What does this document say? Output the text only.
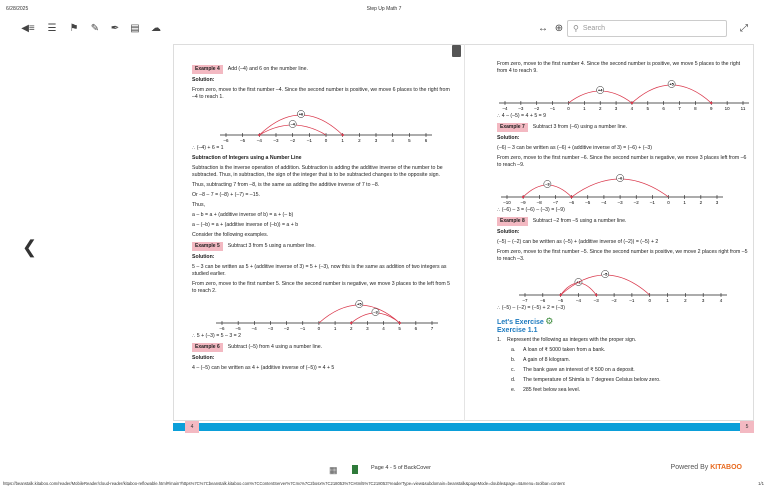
6/28/2025	Step Up Math 7
◀≡ ☰ ⚑ ✎ ✒ ▤ ☁	↔ ⊕	⚲ Search	⤢
❮
Example 4 Add (–4) and 6 on the number line.
Solution:
From zero, move to the first number –4. Since the second number is positive, we move 6 places to the right from –4 to reach 1.
–6	–5	–4	–3	–2	–1	0	1	2	3	4	5	6
–4
+6
∴ (–4) + 6 = 1
Subtraction of Integers using a Number Line
Subtraction is the inverse operation of addition. Subtraction is adding the additive inverse of the number to be subtracted. Thus, in subtraction, the sign of the integer that is to be subtracted changes to the opposite sign.
Thus, subtracting 7 from –8, is the same as adding the additive inverse of 7 to –8.
Or –8 – 7 = (–8) + (–7) = –15.
Thus,
a – b = a + (additive inverse of b) = a + (– b)
a – (–b) = a + (additive inverse of (–b)) = a + b
Consider the following examples.
Example 5 Subtract 3 from 5 using a number line.
Solution:
5 – 3 can be written as 5 + (additive inverse of 3) = 5 + (–3), now this is the same as addition of two integers as studied earlier.
From zero, move to the first number 5. Since the second number is negative, we move 3 places to the left from 5 to reach 2.
–6 –5 –4 –3 –2 –1	0	1	2	3	4	5	6	7
+5
–3
∴ 5 + (–3) = 5 – 3 = 2
Example 6 Subtract (–5) from 4 using a number line.
Solution:
4 – (–5) can be written as 4 + (additive inverse of (–5)) = 4 + 5
From zero, move to the first number 4. Since the second number is positive, we move 5 places to the right from 4 to reach 9.
–4 –3 –2 –1	0	1	2	3	4	5	6	7	8	9	10 11
+4
+5
∴ 4 – (–5) = 4 + 5 = 9
Example 7 Subtract 3 from (–6) using a number line.
Solution:
(–6) – 3 can be written as (–6) + (additive inverse of 3) = (–6) + (–3)
From zero, move to the first number –6. Since the second number is negative, we move 3 places left from –6 to reach –9.
–10 –9 –8 –7 –6 –5 –4 –3 –2 –1	0	1	2	3
–3
–6
∴ (–6) – 3 = (–6) – (–3) = (–9)
Example 8 Subtract –2 from –5 using a number line.
Solution:
(–5) – (–2) can be written as (–5) + (additive inverse of (–2)) = (–5) + 2
From zero, move to the first number –5. Since the second number is positive, we move 2 places right from –5 to reach –3.
–7	–6	–5	–4	–3	–2	–1	0	1	2	3	4
+2
–5
∴ (–5) – (–2) = (–5) + 2 = (–3)
Let's Exercise ⚙
Exercise 1.1
1.	Represent the following as integers with the proper sign.
a. A loan of ₹ 5000 taken from a bank.
b. A gain of 8 kilogram.
c. The bank gave an interest of ₹ 500 on a deposit.
d. The temperature of Shimla is 7 degrees Celsius below zero.
e. 285 feet below sea level.
4	5
▦	Page 4 - 5 of BackCover	Powered By KITABOO
https://beanstalk.kitaboo.com/reader/MobileReader/cloud-reader/kitaboo-reflowable.html#/main?https%7C%7Cbeanstalk.kitaboo.com%7CContentServer%7Cmc%7C2bosx%7C218053%7CHtml5%7C218053?readerType=view&subdomain=beanstalk&pageMode=double&page=4&menu=toolbar=content	1/1
